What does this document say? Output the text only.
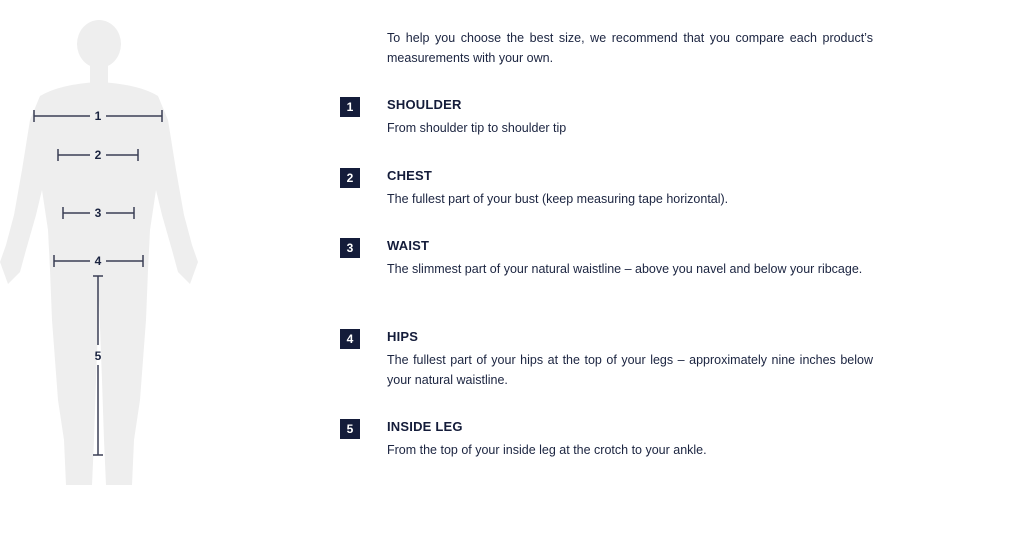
1
2
3
4
5
To help you choose the best size, we recommend that you compare each product’s measurements with your own.
1	SHOULDER
From shoulder tip to shoulder tip
2	CHEST
The fullest part of your bust (keep measuring tape horizontal).
3	WAIST
The slimmest part of your natural waistline – above you navel and below your ribcage.
4	HIPS
The fullest part of your hips at the top of your legs – approximately nine inches below your natural waistline.
5	INSIDE LEG
From the top of your inside leg at the crotch to your ankle.
